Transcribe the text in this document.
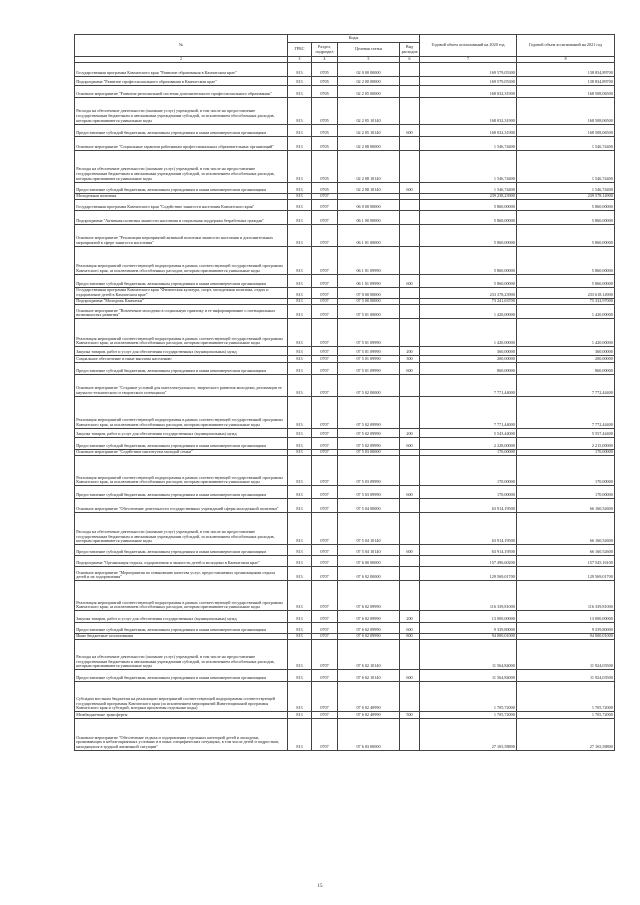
№	Коды				Годовой объем ассигнований на 2020 год	Годовой объем ассигнований на 2021 год
	ГРБС	Раздел, подраздел	Целевая статья	Вид расходов		
2	3	4	5	6	7	8
Государственная программа Камчатского края "Развитие образования в Камчатском крае"	813	0705	02 0 00 00000		169 579,05300	138 834,89700
Подпрограмма "Развитие профессионального образования в Камчатском крае"	813	0705	02 2 00 00000		169 579,05300	138 834,89700
Основное мероприятие "Развитие региональной системы дополнительного профессионального образования"	813	0705	02 2 05 00000		168 032,31900	168 508,06500
Расходы на обеспечение деятельности (оказание услуг) учреждений, в том числе на предоставление государственным бюджетным и автономным учреждениям субсидий, за исключением обособленных расходов, которым присваиваются уникальные коды	813	0705	02 2 05 10140		168 032,31900	168 508,06500
Предоставление субсидий бюджетным, автономным учреждениям и иным некоммерческим организациям	813	0705	02 2 05 10140	600	168 032,31900	168 508,06500
Основное мероприятие "Социальные гарантии работникам профессиональных образовательных организаций"	813	0705	02 2 08 00000		1 546,74400	1 546,74400
Расходы на обеспечение деятельности (оказание услуг) учреждений, в том числе на предоставление государственным бюджетным и автономным учреждениям субсидий, за исключением обособленных расходов, которым присваиваются уникальные коды	813	0705	02 2 08 10140		1 546,74400	1 546,74400
Предоставление субсидий бюджетным, автономным учреждениям и иным некоммерческим организациям	813	0705	02 2 08 10140	600	1 546,74400	1 546,74400
Молодежная политика	813	0707			239 238,23900	239 578,14900
Государственная программа Камчатского края "Содействие занятости населения Камчатского края"	813	0707	06 0 00 00000		5 860,00000	5 860,00000
Подпрограмма "Активная политика занятости населения и социальная поддержка безработных граждан"	813	0707	06 1 00 00000		5 860,00000	5 860,00000
Основное мероприятие "Реализация мероприятий активной политики занятости населения и дополнительных мероприятий в сфере занятости населения"	813	0707	06 1 01 00000		5 860,00000	5 860,00000
Реализация мероприятий соответствующей подпрограммы в рамках соответствующей государственной программы Камчатского края, за исключением обособленных расходов, которым присваиваются уникальные коды	813	0707	06 1 01 09990		5 860,00000	5 860,00000
Предоставление субсидий бюджетным, автономным учреждениям и иным некоммерческим организациям	813	0707	06 1 01 09990	600	5 860,00000	5 860,00000
Государственная программа Камчатского края "Физическая культура, спорт, молодежная политика, отдых и оздоровление детей в Камчатском крае"	813	0707	07 0 00 00000		233 378,23900	233 618,14900
Подпрограмма "Молодежь Камчатки"	813	0707	07 5 00 00000		73 241,63700	75 332,97000
Основное мероприятие "Вовлечение молодежи в социальную практику и ее информирование о потенциальных возможностях развития"	813	0707	07 5 01 00000		1 420,00000	1 420,00000
Реализация мероприятий соответствующей подпрограммы в рамках соответствующей государственной программы Камчатского края, за исключением обособленных расходов, которым присваиваются уникальные коды	813	0707	07 5 01 09990		1 420,00000	1 420,00000
Закупка товаров, работ и услуг для обеспечения государственных (муниципальных) нужд	813	0707	07 5 01 09990	200	360,00000	360,00000
Социальное обеспечение и иные выплаты населению	813	0707	07 5 01 09990	300	200,00000	200,00000
Предоставление субсидий бюджетным, автономным учреждениям и иным некоммерческим организациям	813	0707	07 5 01 09990	600	860,00000	860,00000
Основное мероприятие "Создание условий для интеллектуального, творческого развития молодежи, реализации ее научного-технического и творческого потенциала"	813	0707	07 5 02 00000		7 771,44000	7 772,44400
Реализация мероприятий соответствующей подпрограммы в рамках соответствующей государственной программы Камчатского края, за исключением обособленных расходов, которым присваиваются уникальные коды	813	0707	07 5 02 09990		7 771,44000	7 772,44400
Закупка товаров, работ и услуг для обеспечения государственных (муниципальных) нужд	813	0707	07 5 02 09990	200	5 543,44000	5 557,44400
Предоставление субсидий бюджетным, автономным учреждениям и иным некоммерческим организациям	813	0707	07 5 02 09990	600	2 228,00000	2 215,00000
Основное мероприятие "Содействие институтам молодой семьи"	813	0707	07 5 03 00000		170,00000	170,00000
Реализация мероприятий соответствующей подпрограммы в рамках соответствующей государственной программы Камчатского края, за исключением обособленных расходов, которым присваиваются уникальные коды	813	0707	07 5 03 09990		170,00000	170,00000
Предоставление субсидий бюджетным, автономным учреждениям и иным некоммерческим организациям	813	0707	07 5 03 09990	600	170,00000	170,00000
Основное мероприятие "Обеспечение деятельности государственных учреждений сферы молодежной политики"	813	0707	07 5 04 00000		63 914,19500	66 160,52600
Расходы на обеспечение деятельности (оказание услуг) учреждений, в том числе на предоставление государственным бюджетным и автономным учреждениям субсидий, за исключением обособленных расходов, которым присваиваются уникальные коды	813	0707	07 5 04 10140		63 914,19500	66 160,52600
Предоставление субсидий бюджетным, автономным учреждениям и иным некоммерческим организациям	813	0707	07 5 04 10140	600	63 914,19500	66 160,52600
Подпрограмма "Организация отдыха, оздоровления и занятости детей и молодежи в Камчатском крае"	813	0707	07 6 00 00000		157 496,60200	157 545,16100
Основное мероприятие "Мероприятия по повышению качества услуг, предоставляемых организациями отдыха детей и их оздоровления"	813	0707	07 6 02 00000		129 569,01700	129 569,01700
Реализация мероприятий соответствующей подпрограммы в рамках соответствующей государственной программы Камчатского края, за исключением обособленных расходов, которым присваиваются уникальные коды	813	0707	07 6 02 09990		116 339,81000	116 339,81000
Закупка товаров, работ и услуг для обеспечения государственных (муниципальных) нужд	813	0707	07 6 02 09990	200	13 000,00000	13 000,00000
Предоставление субсидий бюджетным, автономным учреждениям и иным некоммерческим организациям	813	0707	07 6 02 09990	600	9 339,80000	9 339,80000
Иные бюджетные ассигнования	813	0707	07 6 02 09990	800	94 000,01000	94 000,01000
Расходы на обеспечение деятельности (оказание услуг) учреждений, в том числе на предоставление государственным бюджетным и автономным учреждениям субсидий, за исключением обособленных расходов, которым присваиваются уникальные коды	813	0707	07 6 02 10140		11 564,84000	11 924,03500
Предоставление субсидий бюджетным, автономным учреждениям и иным некоммерческим организациям	813	0707	07 6 02 10140	600	11 564,84000	11 924,03500
Субсидии местным бюджетам на реализацию мероприятий соответствующей подпрограммы соответствующей государственной программы Камчатского края (за исключением мероприятий Инвестиционной программы Камчатского края и субсидий, которым присвоены отдельные коды)	813	0707	07 6 02 40990		1 705,72000	1 705,72000
Межбюджетные трансферты	813	0707	07 6 02 40990	500	1 705,72000	1 705,72000
Основное мероприятие "Обеспечение отдыха и оздоровления отдельных категорий детей и молодежи, проживающих в неблагоприятных условиях и в иных специфических ситуациях, в том числе детей и подростков, находящихся в трудной жизненной ситуации"	813	0707	07 6 03 00000		27 165,58800	27 165,58800
15
